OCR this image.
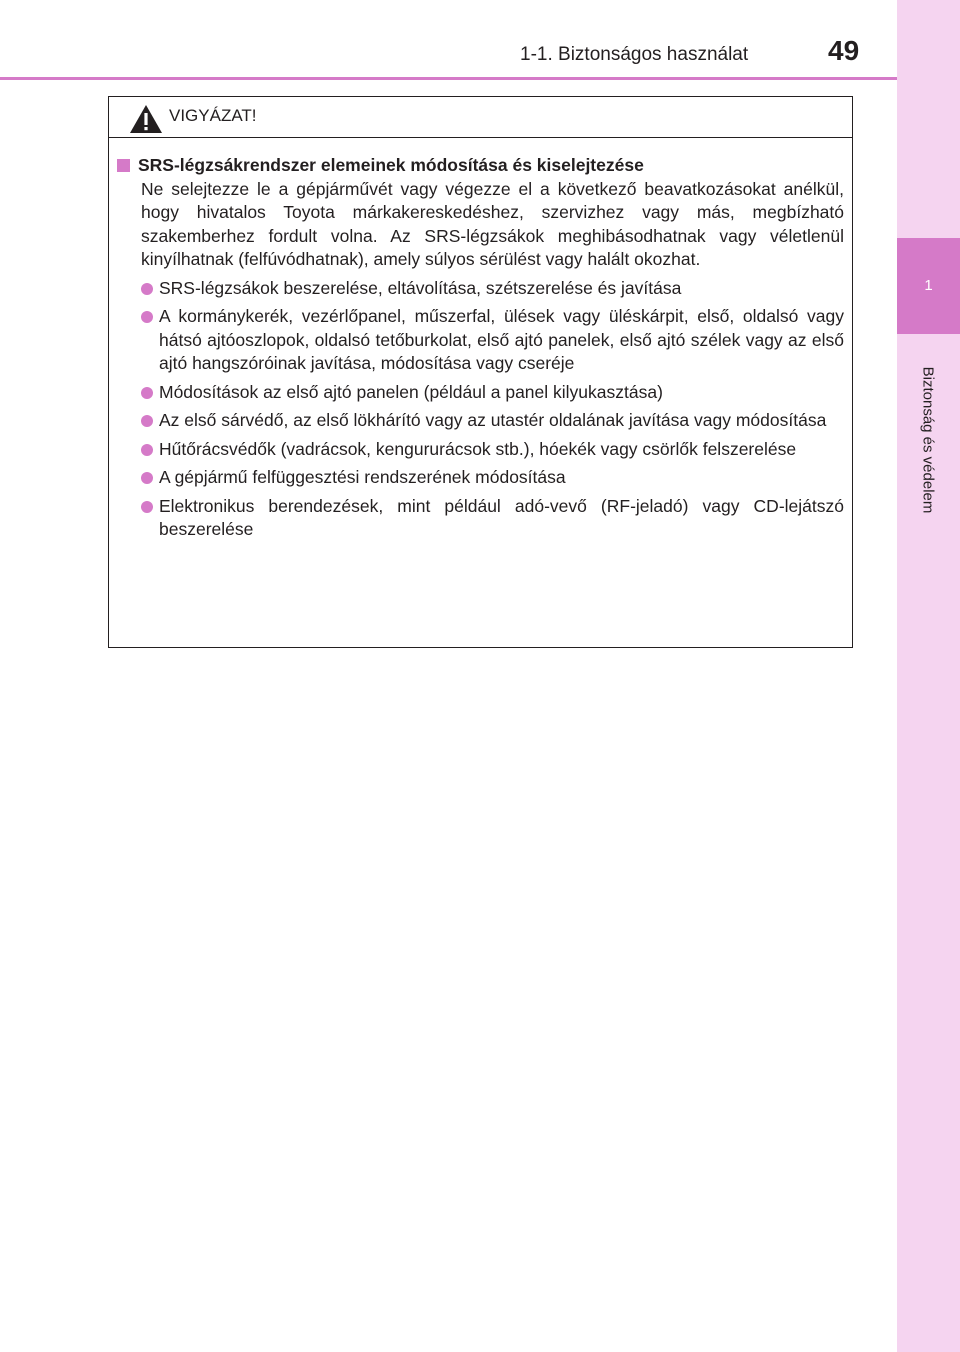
1
Biztonság és védelem
1-1. Biztonságos használat	49
VIGYÁZAT!
SRS-légzsákrendszer elemeinek módosítása és kiselejtezése
Ne selejtezze le a gépjárművét vagy végezze el a következő beavatkozásokat anélkül, hogy hivatalos Toyota márkakereskedéshez, szervizhez vagy más, megbízható szakemberhez fordult volna. Az SRS-légzsákok meghibásodhatnak vagy véletlenül kinyílhatnak (felfúvódhatnak), amely súlyos sérülést vagy halált okozhat.
SRS-légzsákok beszerelése, eltávolítása, szétszerelése és javítása
A kormánykerék, vezérlőpanel, műszerfal, ülések vagy üléskárpit, első, oldalsó vagy hátsó ajtóoszlopok, oldalsó tetőburkolat, első ajtó panelek, első ajtó szélek vagy az első ajtó hangszóróinak javítása, módosítása vagy cseréje
Módosítások az első ajtó panelen (például a panel kilyukasztása)
Az első sárvédő, az első lökhárító vagy az utastér oldalának javítása vagy módosítása
Hűtőrácsvédők (vadrácsok, kengururácsok stb.), hóekék vagy csörlők felszerelése
A gépjármű felfüggesztési rendszerének módosítása
Elektronikus berendezések, mint például adó-vevő (RF-jeladó) vagy CD-lejátszó beszerelése
